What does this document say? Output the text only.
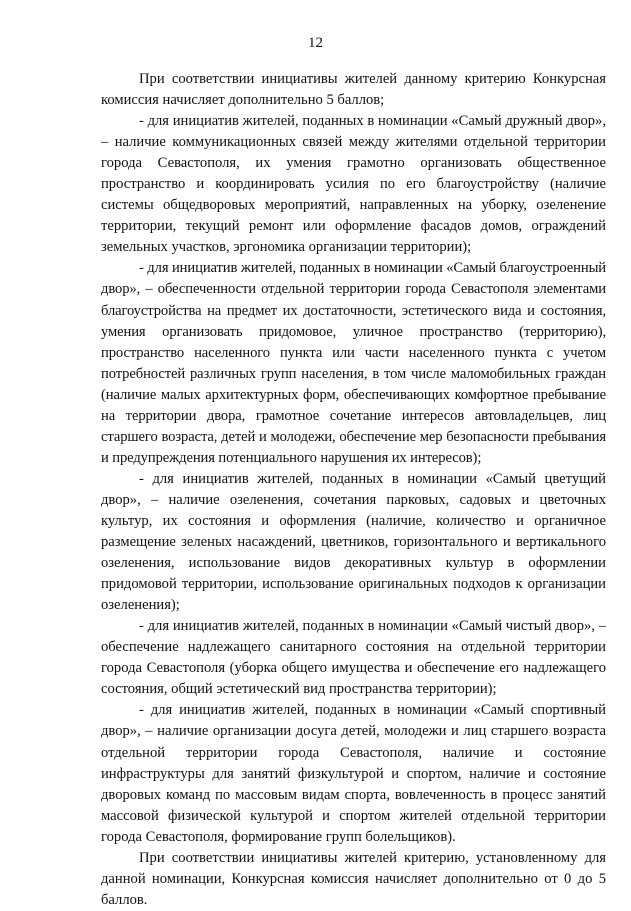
12

При соответствии инициативы жителей данному критерию Конкурсная комиссия начисляет дополнительно 5 баллов;

- для инициатив жителей, поданных в номинации «Самый дружный двор», – наличие коммуникационных связей между жителями отдельной территории города Севастополя, их умения грамотно организовать общественное пространство и координировать усилия по его благоустройству (наличие системы общедворовых мероприятий, направленных на уборку, озеленение территории, текущий ремонт или оформление фасадов домов, ограждений земельных участков, эргономика организации территории);

- для инициатив жителей, поданных в номинации «Самый благоустроенный двор», – обеспеченности отдельной территории города Севастополя элементами благоустройства на предмет их достаточности, эстетического вида и состояния, умения организовать придомовое, уличное пространство (территорию), пространство населенного пункта или части населенного пункта с учетом потребностей различных групп населения, в том числе маломобильных граждан (наличие малых архитектурных форм, обеспечивающих комфортное пребывание на территории двора, грамотное сочетание интересов автовладельцев, лиц старшего возраста, детей и молодежи, обеспечение мер безопасности пребывания и предупреждения потенциального нарушения их интересов);

- для инициатив жителей, поданных в номинации «Самый цветущий двор», – наличие озеленения, сочетания парковых, садовых и цветочных культур, их состояния и оформления (наличие, количество и органичное размещение зеленых насаждений, цветников, горизонтального и вертикального озеленения, использование видов декоративных культур в оформлении придомовой территории, использование оригинальных подходов к организации озеленения);

- для инициатив жителей, поданных в номинации «Самый чистый двор», – обеспечение надлежащего санитарного состояния на отдельной территории города Севастополя (уборка общего имущества и обеспечение его надлежащего состояния, общий эстетический вид пространства территории);

- для инициатив жителей, поданных в номинации «Самый спортивный двор», – наличие организации досуга детей, молодежи и лиц старшего возраста отдельной территории города Севастополя, наличие и состояние инфраструктуры для занятий физкультурой и спортом, наличие и состояние дворовых команд по массовым видам спорта, вовлеченность в процесс занятий массовой физической культурой и спортом жителей отдельной территории города Севастополя, формирование групп болельщиков).

При соответствии инициативы жителей критерию, установленному для данной номинации, Конкурсная комиссия начисляет дополнительно от 0 до 5 баллов.
